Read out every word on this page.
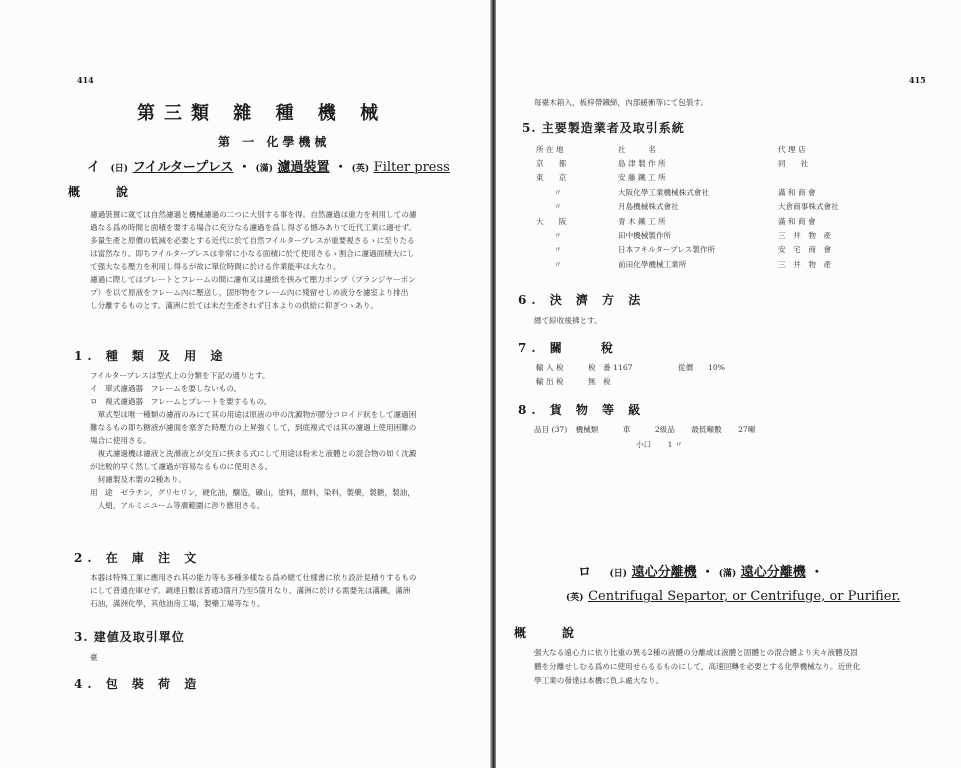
414
第三類 雜 種 機 械
第 一 化學機械
イ (日) フイルタープレス ・ (滿) 濾過裝置 ・ (英) Filter press
概　　　說
濾過裝置に就ては自然濾過と機械濾過の二つに大別する事を得。自然濾過は重力を利用しての濾
過なる爲め時間と面積を要する場合に充分なる濾過を爲し得ざる憾みありて近代工業に適せず。
多量生產と原價の低減を必要とする近代に於て自然フイルタープレスが重要視さるゝに至りたる
は當然なり。即ちフイルタープレスは非常に小なる面積に於て使用さるゝ割合に濾過面積大にし
て强大なる壓力を利用し得るが故に單位時間に於ける作業能率は大なり。
濾過に際してはプレートとフレームの間に濾布又は濾紙を挾みて壓力ポンプ（プランジヤーポン
プ）を以て原液をフレーム內に壓送し，固形物をフレーム內に殘留せしめ液分を濾室より排出
し分離するものとす。滿洲に於ては未だ生產されず日本よりの供給に仰ぎつゝあり。
1. 種 類 及 用 途
フイルタープレスは型式上の分類を下記の通りとす。
イ　單式濾過器　フレームを要しないもの。
ロ　複式濾過器　フレームとプレートを要するもの。
　單式型は唯一種類の濾液のみにて其の用途は原液の中の沈澱物が膠分コロイド狀をして濾過困
難なるもの即ち糖液が濾面を塞ぎた時壓力の上昇強くして，到底複式では其の濾過上使用困難の
場合に使用さる。
　複式濾過機は濾液と洗滌液とが交互に挾まる式にして用途は粉末と液體との混合物の如く沈澱
が比較的早く然して濾過が容易なるものに使用さる。
　何濾製及木製の2種あり。
用　途　ゼラチン，グリセリン，硬化油，醸造，礦山，塗料，顏料，染料，製藥，製糖，製油，
　人絹，アルミニユーム等廣範圍に渉り應用さる。
2. 在 庫 注 文
本器は特殊工業に應用され其の能力等も多種多樣なる爲め總て仕樣書に依り設計見積りするもの
にして普通在庫せず。調達日數は普通3箇月乃至5箇月なり。滿洲に於ける需要先は滿鐵，滿洲
石油，滿洲化學，其他油房工場，製藥工場等なり。
3. 建値及取引單位
臺
4. 包 裝 荷 造
415
每臺木箱入，板梓帶鐵締，內部緩衝等にて包裝す。
5. 主要製造業者及取引系統
所 在 地	社　　　名	代 理 店
京　　都	島 津 製 作 所	同　　社
東　　京	安 藤 鐵 工 所	
〃	大阪化學工業機械株式會社	滿 和 商 會
〃	月島機械株式會社	大倉商事株式會社
大　　阪	青 木 鐵 工 所	滿 和 商 會
〃	田中機械製作所	三　井　物　產
〃	日本フキルタープレス製作所	安　宅　商　會
〃	前田化學機械工業所	三　井　物　產
6. 決 濟 方 法
總て綜收後拂とす。
7. 關　　稅
輸 入 稅	稅　番 1167	從價	10%
輸 出 稅	無　稅		
8. 貨 物 等 級
品目 (37) 機械類	車	2級品 最低噸數 27噸
小口 1 〃
ロ (日) 遠心分離機 ・ (滿) 遠心分離機 ・
(英) Centrifugal Separtor, or Centrifuge, or Purifier.
概　　　說
强大なる遠心力に依り比重の異る2種の液體の分離或は液體と固體との混合體より夫々液體及固
體を分離せしむる爲めに使用せらるるものにして，高速回轉を必要とする化學機械なり。近世化
學工業の發達は本機に負ふ處大なり。
